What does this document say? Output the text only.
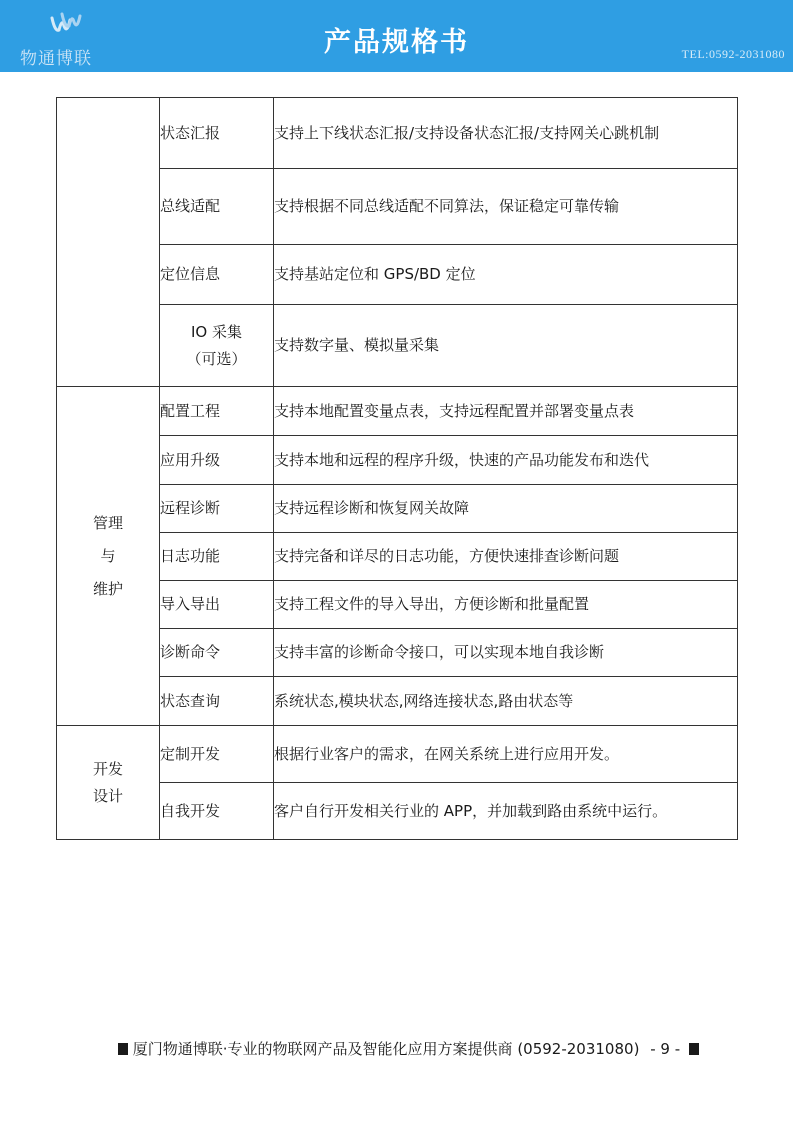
物通博联
产品规格书	TEL:0592-2031080
	状态汇报	支持上下线状态汇报/支持设备状态汇报/支持网关心跳机制
	总线适配	支持根据不同总线适配不同算法，保证稳定可靠传输
	定位信息	支持基站定位和 GPS/BD 定位

	IO 采集
（可选）	支持数字量、模拟量采集

管理
与
维护	配置工程	支持本地配置变量点表，支持远程配置并部署变量点表
	应用升级	支持本地和远程的程序升级，快速的产品功能发布和迭代
	远程诊断	支持远程诊断和恢复网关故障
	日志功能	支持完备和详尽的日志功能，方便快速排查诊断问题
	导入导出	支持工程文件的导入导出，方便诊断和批量配置
	诊断命令	支持丰富的诊断命令接口，可以实现本地自我诊断
	状态查询	系统状态,模块状态,网络连接状态,路由状态等

开发
设计	定制开发	根据行业客户的需求，在网关系统上进行应用开发。
	自我开发	客户自行开发相关行业的 APP，并加载到路由系统中运行。
厦门物通博联·专业的物联网产品及智能化应用方案提供商 (0592-2031080) - 9 -
